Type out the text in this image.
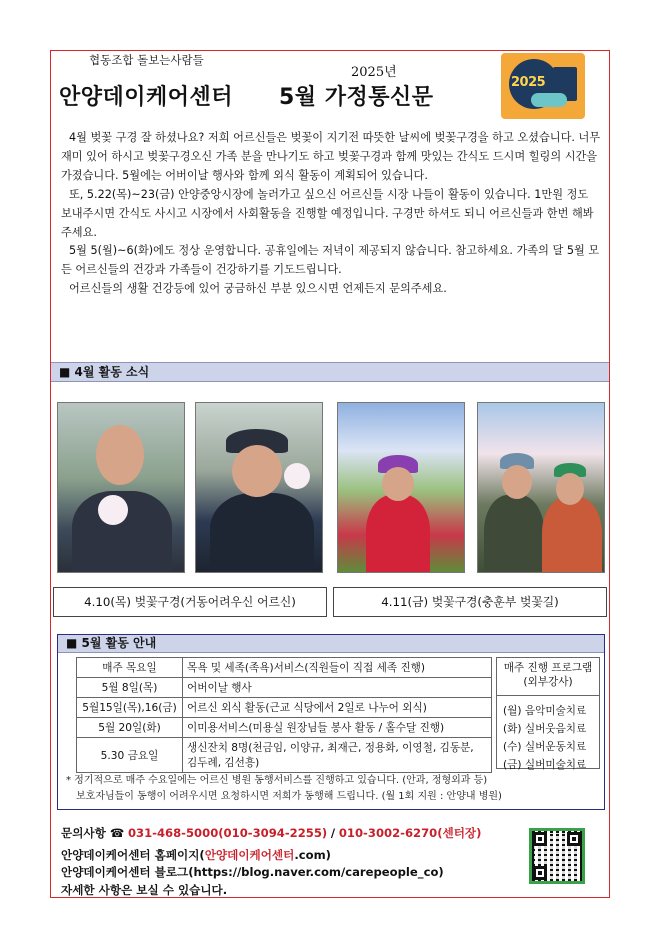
협동조합 돌보는사람들
2025년
안양데이케어센터 5월 가정통신문
2025

4월 벚꽃 구경 잘 하셨나요? 저희 어르신들은 벚꽃이 지기전 따뜻한 날씨에 벚꽃구경을 하고 오셨습니다. 너무 재미 있어 하시고 벚꽃구경오신 가족 분을 만나기도 하고 벚꽃구경과 함께 맛있는 간식도 드시며 힐링의 시간을 가졌습니다. 5월에는 어버이날 행사와 함께 외식 활동이 계획되어 있습니다.

또, 5.22(목)~23(금) 안양중앙시장에 놀러가고 싶으신 어르신들 시장 나들이 활동이 있습니다. 1만원 정도 보내주시면 간식도 사시고 시장에서 사회활동을 진행할 예정입니다. 구경만 하셔도 되니 어르신들과 한번 해봐주세요.

5월 5(월)~6(화)에도 정상 운영합니다. 공휴일에는 저녁이 제공되지 않습니다. 참고하세요. 가족의 달 5월 모든 어르신들의 건강과 가족들이 건강하기를 기도드립니다.

어르신들의 생활 건강등에 있어 궁금하신 부분 있으시면 언제든지 문의주세요.

■ 4월 활동 소식
4.10(목) 벚꽃구경(거동어려우신 어르신)	4.11(금) 벚꽃구경(충훈부 벚꽃길)
■ 5월 활동 안내
매주 목요일	목욕 및 세족(족욕)서비스(직원들이 직접 세족 진행)
5월 8일(목)	어버이날 행사
5월15일(목),16(금)	어르신 외식 활동(근교 식당에서 2일로 나누어 외식)
5월 20일(화)	이미용서비스(미용실 원장님들 봉사 활동 / 홀수달 진행)
5.30 금요일	생신잔치 8명(천금임, 이양규, 최재근, 정용화, 이영철, 김동분, 김두례, 김선흥)
매주 진행 프로그램
(외부강사)
(월) 음악미술치료
(화) 실버웃음치료
(수) 실버운동치료
(금) 실버미술치료
* 정기적으로 매주 수요일에는 어르신 병원 동행서비스를 진행하고 있습니다. (안과, 정형외과 등)
보호자님들이 동행이 어려우시면 요청하시면 저희가 동행해 드립니다. (월 1회 지원 : 안양내 병원)
문의사항 ☎ 031-468-5000(010-3094-2255) / 010-3002-6270(센터장)
안양데이케어센터 홈페이지(안양데이케어센터.com)
안양데이케어센터 블로그(https://blog.naver.com/carepeople_co)
자세한 사항은 보실 수 있습니다.
